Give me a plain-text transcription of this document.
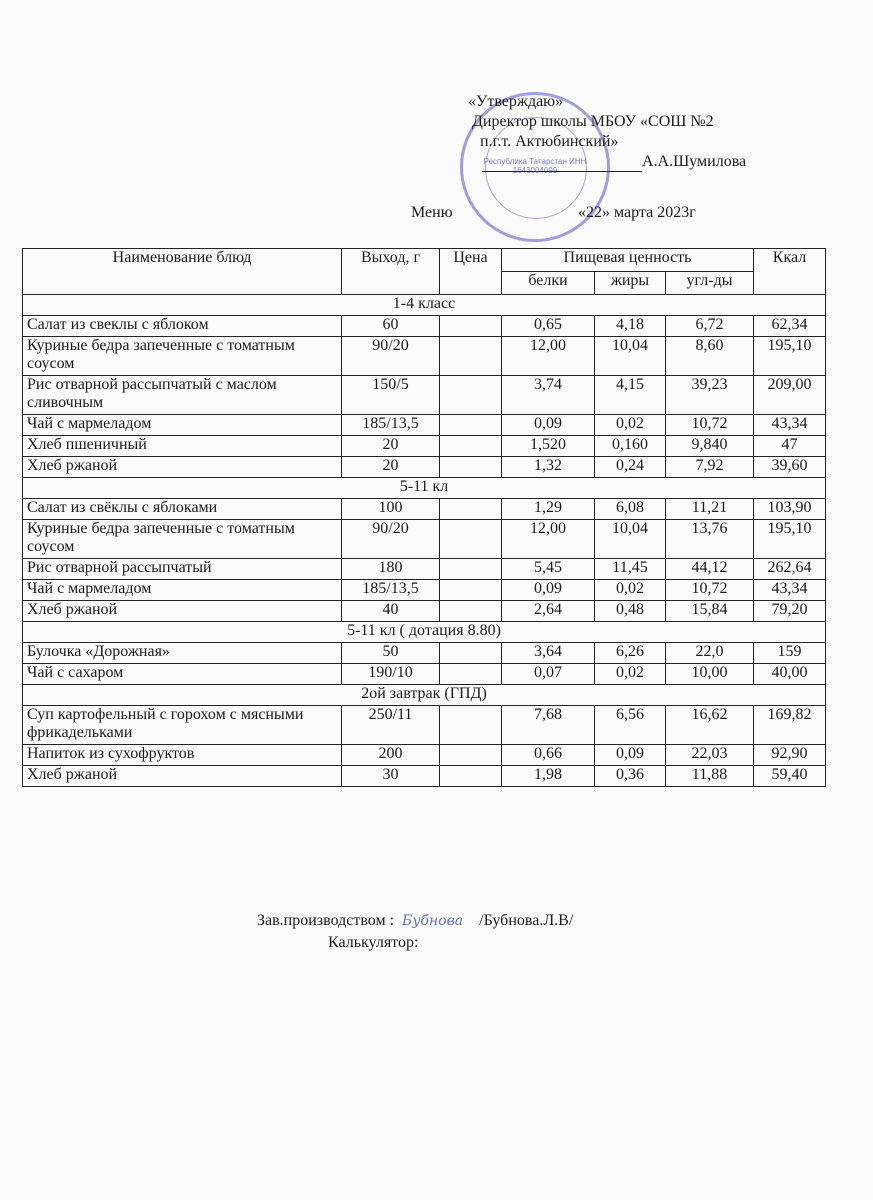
Республика Татарстан ИНН 1643004099
«Утверждаю»
Директор школы МБОУ «СОШ №2
п.г.т. Актюбинский»
А.А.Шумилова
Меню	«22» марта 2023г
Наименование блюд	Выход, г	Цена	Пищевая ценность			Ккал
			белки	жиры	угл-ды	
1-4 класс						
Салат из свеклы с яблоком	60		0,65	4,18	6,72	62,34
Куриные бедра запеченные с томатным соусом	90/20		12,00	10,04	8,60	195,10
Рис отварной рассыпчатый с маслом сливочным	150/5		3,74	4,15	39,23	209,00
Чай с мармеладом	185/13,5		0,09	0,02	10,72	43,34
Хлеб пшеничный	20		1,520	0,160	9,840	47
Хлеб ржаной	20		1,32	0,24	7,92	39,60
5-11 кл						
Салат из свёклы с яблоками	100		1,29	6,08	11,21	103,90
Куриные бедра запеченные с томатным соусом	90/20		12,00	10,04	13,76	195,10
Рис отварной рассыпчатый	180		5,45	11,45	44,12	262,64
Чай с мармеладом	185/13,5		0,09	0,02	10,72	43,34
Хлеб ржаной	40		2,64	0,48	15,84	79,20
5-11 кл ( дотация 8.80)						
Булочка «Дорожная»	50		3,64	6,26	22,0	159
Чай с сахаром	190/10		0,07	0,02	10,00	40,00
2ой завтрак (ГПД)						
Суп картофельный с горохом с мясными фрикадельками	250/11		7,68	6,56	16,62	169,82
Напиток из сухофруктов	200		0,66	0,09	22,03	92,90
Хлеб ржаной	30		1,98	0,36	11,88	59,40
Зав.производством : Бубнова /Бубнова.Л.В/
Калькулятор:
